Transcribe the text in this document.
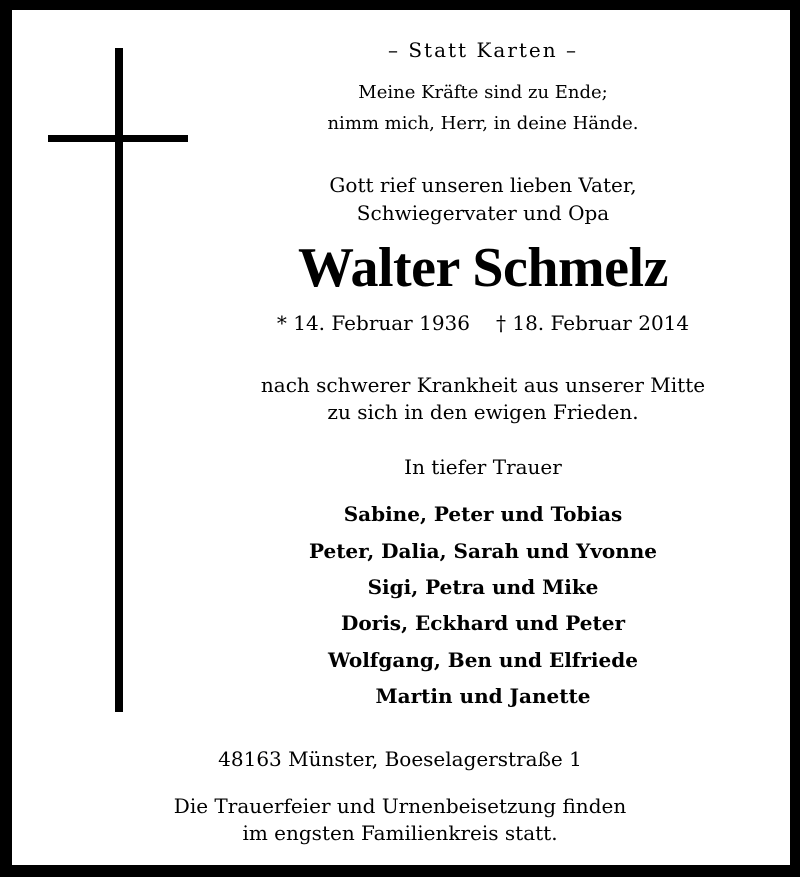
– Statt Karten –
Meine Kräfte sind zu Ende;
nimm mich, Herr, in deine Hände.
Gott rief unseren lieben Vater,
Schwiegervater und Opa
Walter Schmelz
* 14. Februar 1936 † 18. Februar 2014
nach schwerer Krankheit aus unserer Mitte
zu sich in den ewigen Frieden.
In tiefer Trauer
Sabine, Peter und Tobias
Peter, Dalia, Sarah und Yvonne
Sigi, Petra und Mike
Doris, Eckhard und Peter
Wolfgang, Ben und Elfriede
Martin und Janette
48163 Münster, Boeselagerstraße 1
Die Trauerfeier und Urnenbeisetzung finden
im engsten Familienkreis statt.
